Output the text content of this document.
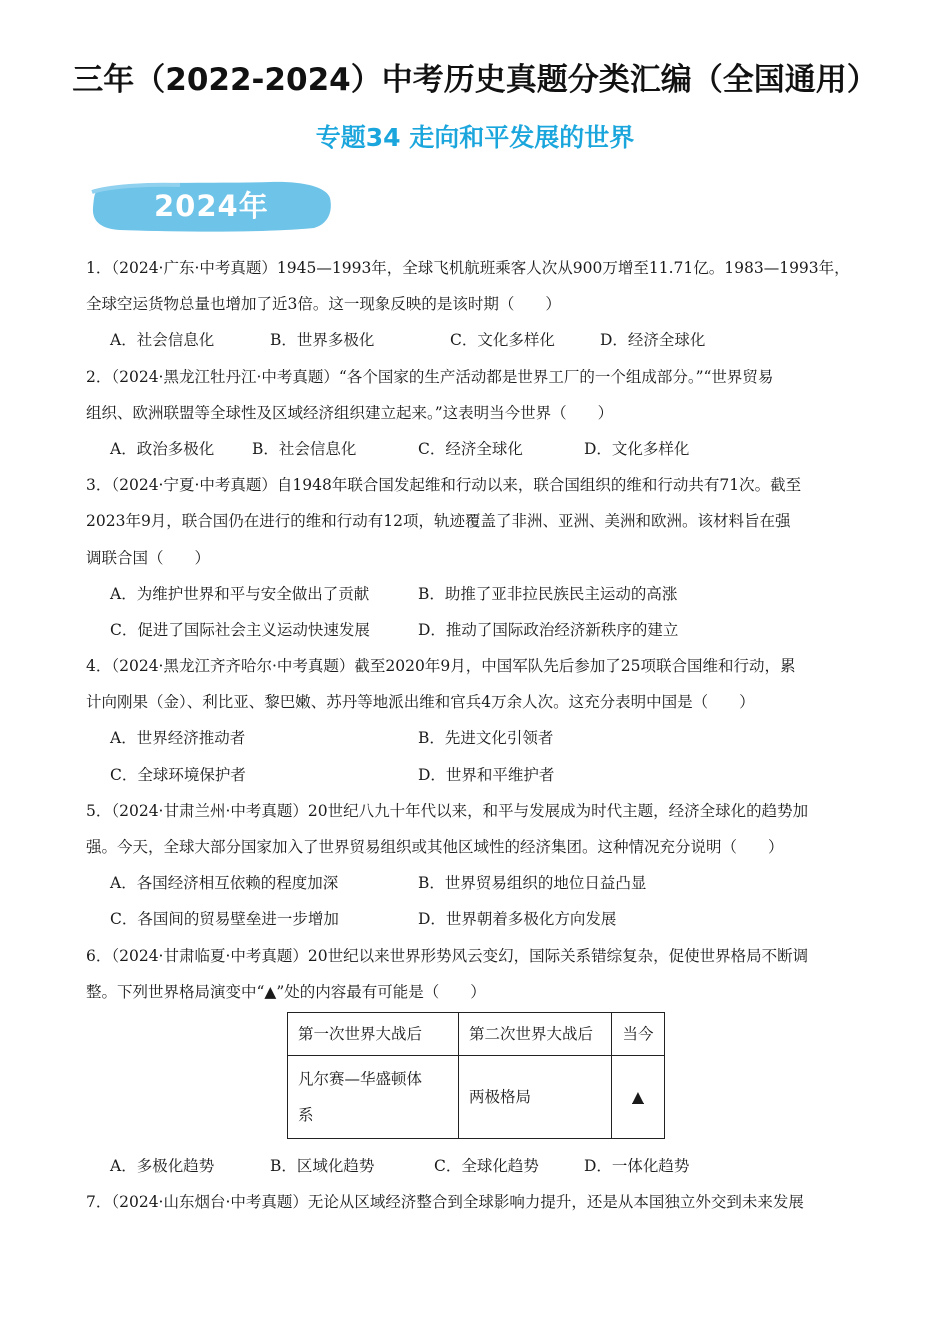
三年（2022-2024）中考历史真题分类汇编（全国通用）
专题34 走向和平发展的世界
2024年
1．（2024·广东·中考真题）1945—1993年，全球飞机航班乘客人次从900万增至11.71亿。1983—1993年，
全球空运货物总量也增加了近3倍。这一现象反映的是该时期（　　）
A．社会信息化	B．世界多极化	C．文化多样化	D．经济全球化
2．（2024·黑龙江牡丹江·中考真题）“各个国家的生产活动都是世界工厂的一个组成部分。”“世界贸易
组织、欧洲联盟等全球性及区域经济组织建立起来。”这表明当今世界（　　）
A．政治多极化	B．社会信息化	C．经济全球化	D．文化多样化
3．（2024·宁夏·中考真题）自1948年联合国发起维和行动以来，联合国组织的维和行动共有71次。截至
2023年9月，联合国仍在进行的维和行动有12项，轨迹覆盖了非洲、亚洲、美洲和欧洲。该材料旨在强
调联合国（　　）
A．为维护世界和平与安全做出了贡献	B．助推了亚非拉民族民主运动的高涨
C．促进了国际社会主义运动快速发展	D．推动了国际政治经济新秩序的建立
4．（2024·黑龙江齐齐哈尔·中考真题）截至2020年9月，中国军队先后参加了25项联合国维和行动，累
计向刚果（金）、利比亚、黎巴嫩、苏丹等地派出维和官兵4万余人次。这充分表明中国是（　　）
A．世界经济推动者	B．先进文化引领者
C．全球环境保护者	D．世界和平维护者
5．（2024·甘肃兰州·中考真题）20世纪八九十年代以来，和平与发展成为时代主题，经济全球化的趋势加
强。今天，全球大部分国家加入了世界贸易组织或其他区域性的经济集团。这种情况充分说明（　　）
A．各国经济相互依赖的程度加深	B．世界贸易组织的地位日益凸显
C．各国间的贸易壁垒进一步增加	D．世界朝着多极化方向发展
6．（2024·甘肃临夏·中考真题）20世纪以来世界形势风云变幻，国际关系错综复杂，促使世界格局不断调
整。下列世界格局演变中“▲”处的内容最有可能是（　　）
第一次世界大战后	第二次世界大战后	当今

凡尔赛—华盛顿体
系	两极格局	▲
A．多极化趋势	B．区域化趋势	C．全球化趋势	D．一体化趋势
7．（2024·山东烟台·中考真题）无论从区域经济整合到全球影响力提升，还是从本国独立外交到未来发展
